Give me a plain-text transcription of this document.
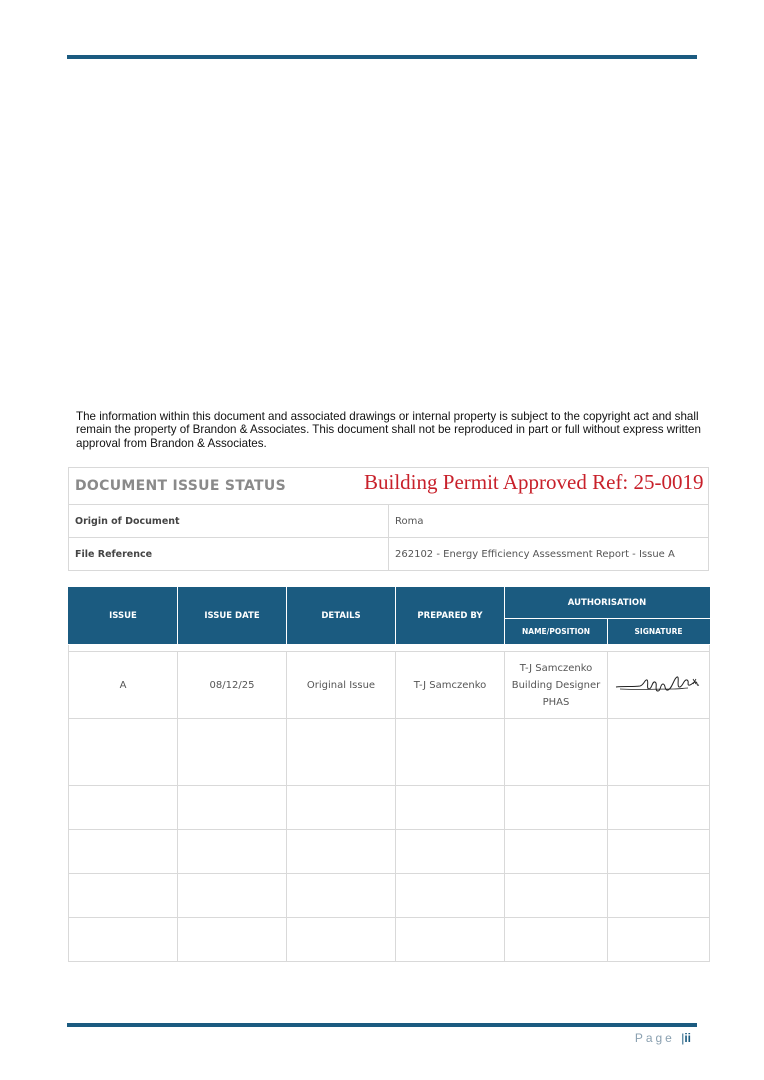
The information within this document and associated drawings or internal property is subject to the copyright act and shall remain the property of Brandon & Associates. This document shall not be reproduced in part or full without express written approval from Brandon & Associates.
DOCUMENT ISSUE STATUS	
Origin of Document	Roma
File Reference	262102 - Energy Efficiency Assessment Report - Issue A
Building Permit Approved Ref: 25-0019
ISSUE	ISSUE DATE	DETAILS	PREPARED BY	AUTHORISATION	
				NAME/POSITION	SIGNATURE

A	08/12/25	Original Issue	T-J Samczenko	T-J Samczenko
Building Designer
PHAS

Page |ii
